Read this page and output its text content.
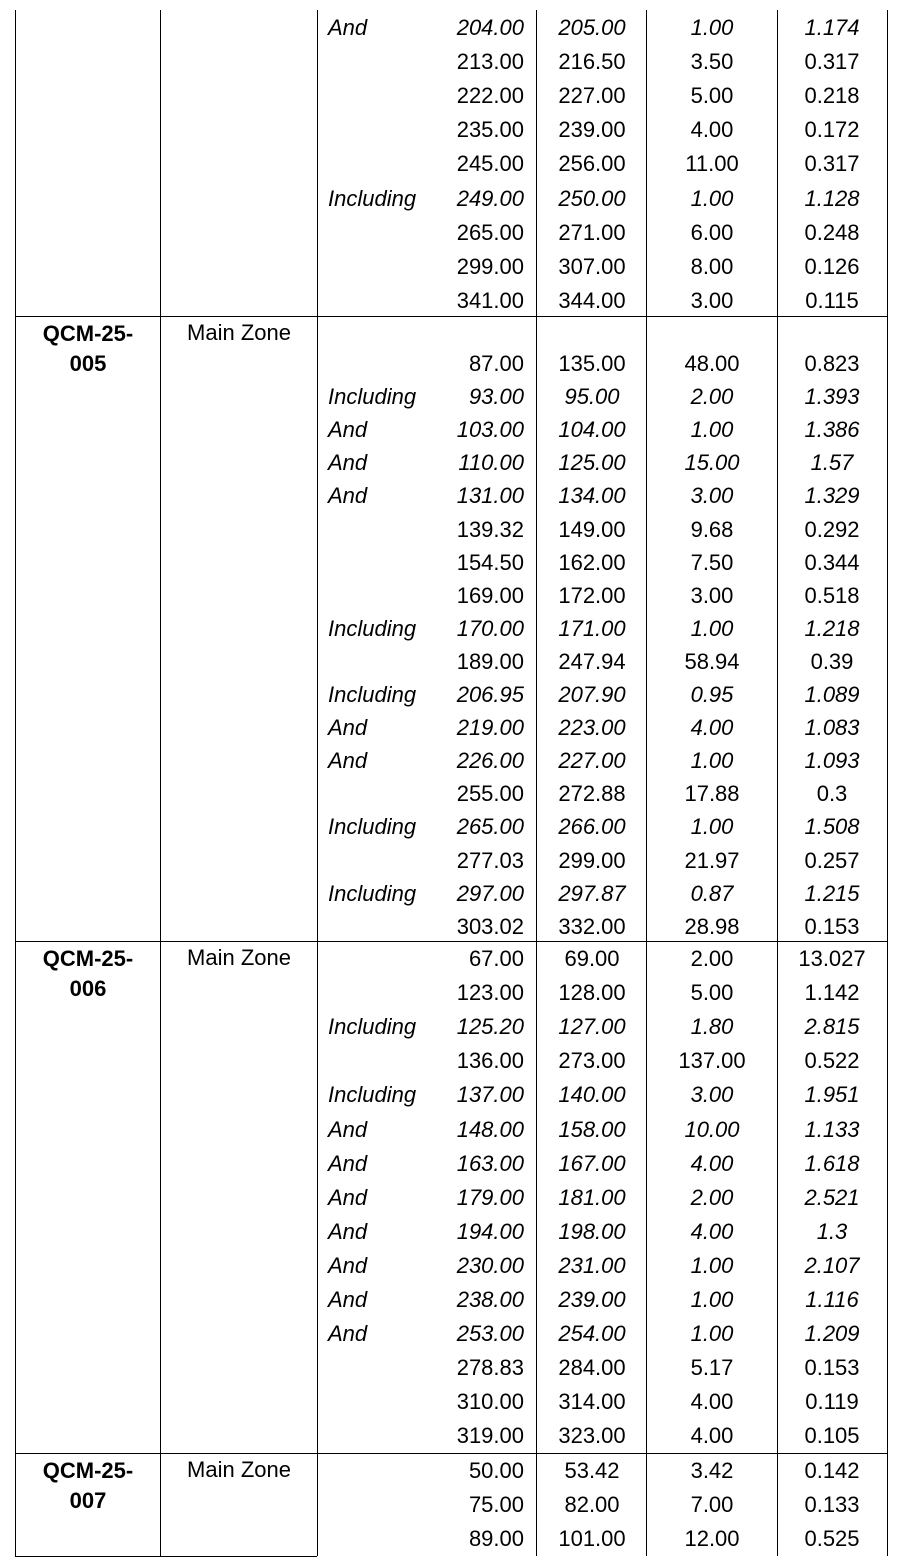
And	204.00	205.00	1.00	1.174
213.00	216.50	3.50	0.317
222.00	227.00	5.00	0.218
235.00	239.00	4.00	0.172
245.00	256.00	11.00	0.317
Including	249.00	250.00	1.00	1.128
265.00	271.00	6.00	0.248
299.00	307.00	8.00	0.126
341.00	344.00	3.00	0.115
QCM-25-
005
Main Zone
87.00	135.00	48.00	0.823
Including	93.00	95.00	2.00	1.393
And	103.00	104.00	1.00	1.386
And	110.00	125.00	15.00	1.57
And	131.00	134.00	3.00	1.329
139.32	149.00	9.68	0.292
154.50	162.00	7.50	0.344
169.00	172.00	3.00	0.518
Including	170.00	171.00	1.00	1.218
189.00	247.94	58.94	0.39
Including	206.95	207.90	0.95	1.089
And	219.00	223.00	4.00	1.083
And	226.00	227.00	1.00	1.093
255.00	272.88	17.88	0.3
Including	265.00	266.00	1.00	1.508
277.03	299.00	21.97	0.257
Including	297.00	297.87	0.87	1.215
303.02	332.00	28.98	0.153
QCM-25-
006
Main Zone	67.00	69.00	2.00	13.027
123.00	128.00	5.00	1.142
Including	125.20	127.00	1.80	2.815
136.00	273.00	137.00	0.522
Including	137.00	140.00	3.00	1.951
And	148.00	158.00	10.00	1.133
And	163.00	167.00	4.00	1.618
And	179.00	181.00	2.00	2.521
And	194.00	198.00	4.00	1.3
And	230.00	231.00	1.00	2.107
And	238.00	239.00	1.00	1.116
And	253.00	254.00	1.00	1.209
278.83	284.00	5.17	0.153
310.00	314.00	4.00	0.119
319.00	323.00	4.00	0.105
QCM-25-
007
Main Zone	50.00	53.42	3.42	0.142
75.00	82.00	7.00	0.133
89.00	101.00	12.00	0.525
